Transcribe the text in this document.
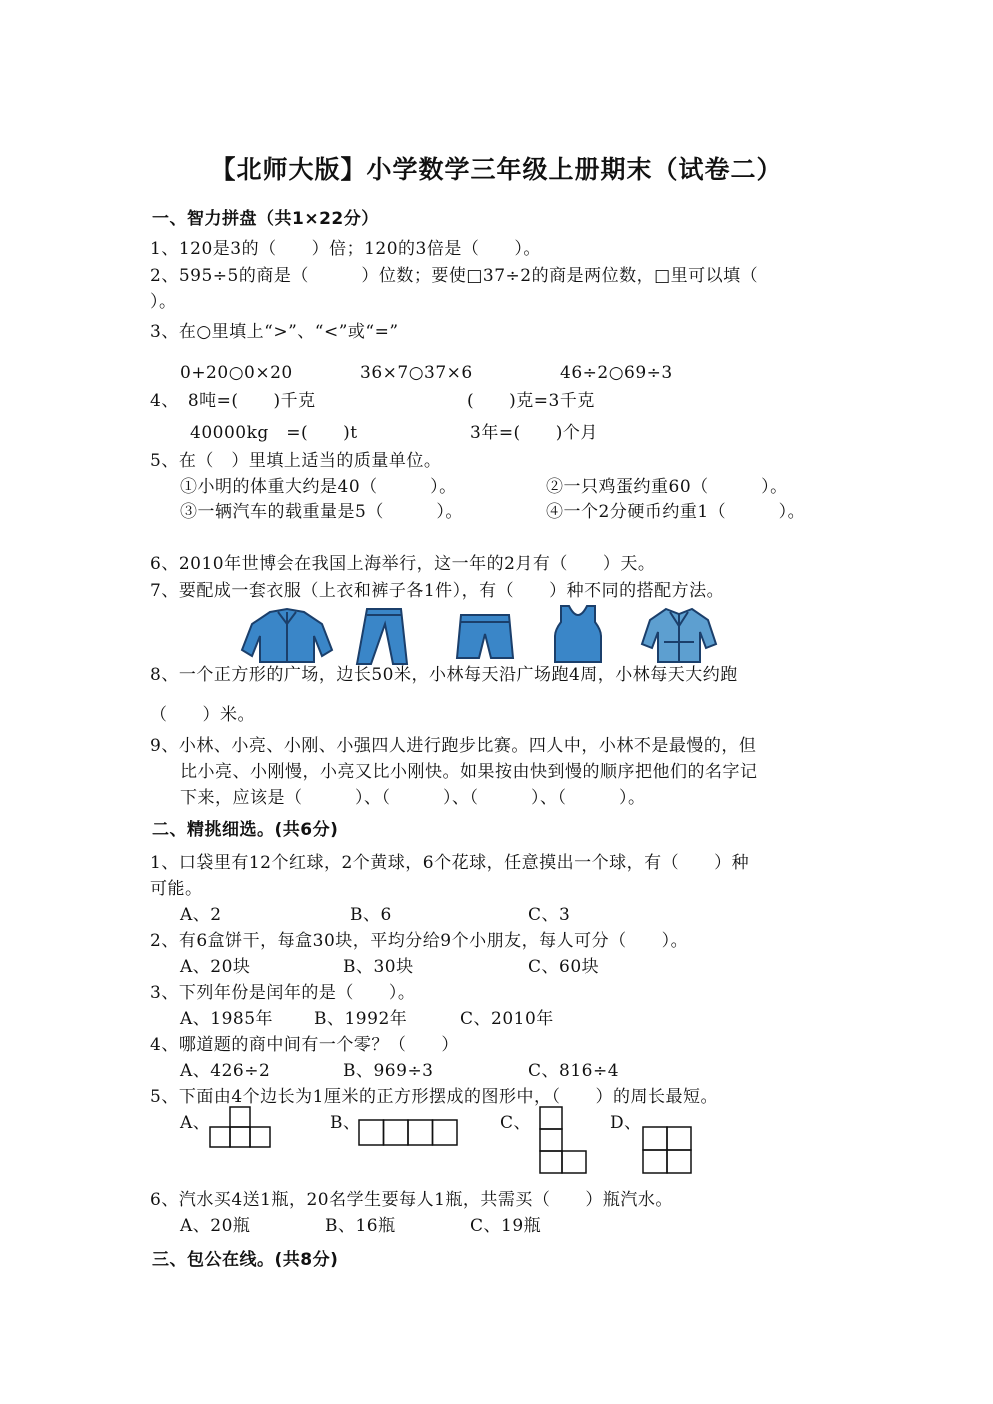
【北师大版】小学数学三年级上册期末（试卷二）
一、智力拼盘（共1×22分）
1、120是3的（　　）倍；120的3倍是（　　）。
2、595÷5的商是（　　　）位数；要使□37÷2的商是两位数，□里可以填（
）。
3、在○里填上“>”、“<”或“=”
0+20○0×20	36×7○37×6	46÷2○69÷3
4、　8吨=(　　)千克	(　　)克=3千克
40000kg　=(　　)t	3年=(　　)个月
5、在（　）里填上适当的质量单位。
①小明的体重大约是40（　　　）。	②一只鸡蛋约重60（　　　）。
③一辆汽车的载重量是5（　　　）。	④一个2分硬币约重1（　　　）。
6、2010年世博会在我国上海举行，这一年的2月有（　　）天。
7、要配成一套衣服（上衣和裤子各1件），有（　　）种不同的搭配方法。
8、一个正方形的广场，边长50米，小林每天沿广场跑4周，小林每天大约跑
（　　）米。
9、小林、小亮、小刚、小强四人进行跑步比赛。四人中，小林不是最慢的，但
比小亮、小刚慢，小亮又比小刚快。如果按由快到慢的顺序把他们的名字记
下来，应该是（　　　）、（　　　）、（　　　）、（　　　）。
二、精挑细选。(共6分)
1、口袋里有12个红球，2个黄球，6个花球，任意摸出一个球，有（　　）种
可能。
A、2	B、6	C、3
2、有6盒饼干，每盒30块，平均分给9个小朋友，每人可分（　　）。
A、20块	B、30块	C、60块
3、下列年份是闰年的是（　　）。
A、1985年 B、1992年	C、2010年
4、哪道题的商中间有一个零？（　　）
A、426÷2	B、969÷3	C、816÷4
5、下面由4个边长为1厘米的正方形摆成的图形中，（　　）的周长最短。
A、	B、	C、	D、
6、汽水买4送1瓶，20名学生要每人1瓶，共需买（　　）瓶汽水。
A、20瓶	B、16瓶	C、19瓶
三、包公在线。(共8分)
